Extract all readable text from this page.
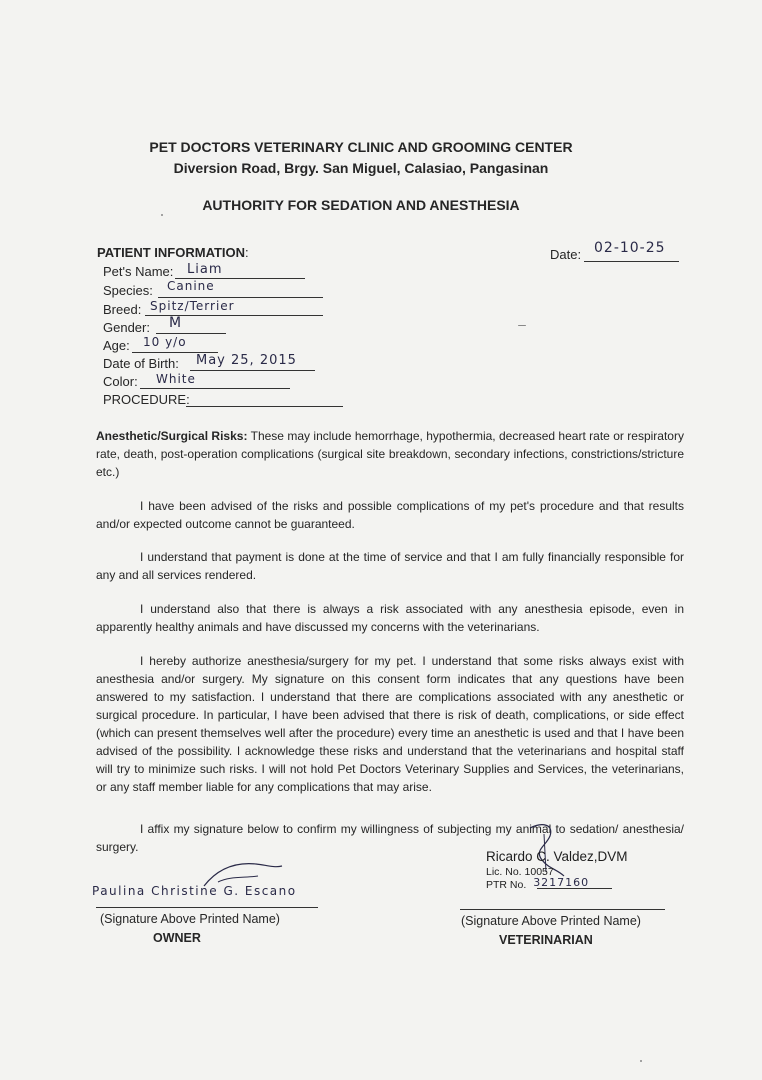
PET DOCTORS VETERINARY CLINIC AND GROOMING CENTER
Diversion Road, Brgy. San Miguel, Calasiao, Pangasinan
AUTHORITY FOR SEDATION AND ANESTHESIA
PATIENT INFORMATION:	Date: 02-10-25
Pet's Name: Liam
Species: Canine
Breed: Spitz/Terrier
Gender: M
Age: 10 y/o
Date of Birth: May 25, 2015
Color: White
PROCEDURE:
Anesthetic/Surgical Risks: These may include hemorrhage, hypothermia, decreased heart rate or respiratory rate, death, post-operation complications (surgical site breakdown, secondary infections, constrictions/stricture etc.)
I have been advised of the risks and possible complications of my pet's procedure and that results and/or expected outcome cannot be guaranteed.
I understand that payment is done at the time of service and that I am fully financially responsible for any and all services rendered.
I understand also that there is always a risk associated with any anesthesia episode, even in apparently healthy animals and have discussed my concerns with the veterinarians.
I hereby authorize anesthesia/surgery for my pet. I understand that some risks always exist with anesthesia and/or surgery. My signature on this consent form indicates that any questions have been answered to my satisfaction. I understand that there are complications associated with any anesthetic or surgical procedure. In particular, I have been advised that there is risk of death, complications, or side effect (which can present themselves well after the procedure) every time an anesthetic is used and that I have been advised of the possibility. I acknowledge these risks and understand that the veterinarians and hospital staff will try to minimize such risks. I will not hold Pet Doctors Veterinary Supplies and Services, the veterinarians, or any staff member liable for any complications that may arise.
I affix my signature below to confirm my willingness of subjecting my animal to sedation/ anesthesia/ surgery.
Paulina Christine G. Escano
(Signature Above Printed Name)
OWNER
Ricardo C. Valdez,DVM
Lic. No. 10057
PTR No. 3217160
(Signature Above Printed Name)
VETERINARIAN
